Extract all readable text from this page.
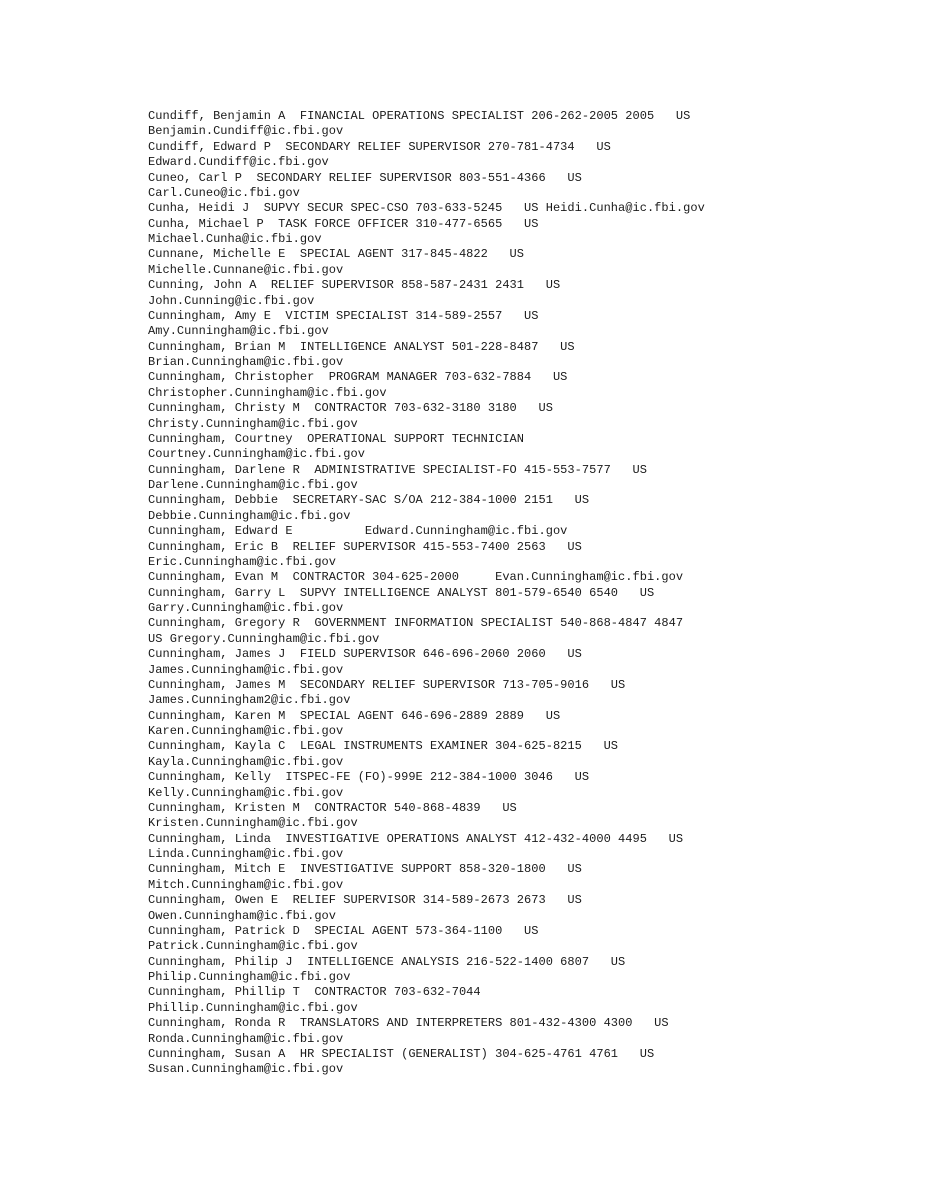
Cundiff, Benjamin A  FINANCIAL OPERATIONS SPECIALIST 206-262-2005 2005   US
Benjamin.Cundiff@ic.fbi.gov
Cundiff, Edward P  SECONDARY RELIEF SUPERVISOR 270-781-4734   US
Edward.Cundiff@ic.fbi.gov
Cuneo, Carl P  SECONDARY RELIEF SUPERVISOR 803-551-4366   US
Carl.Cuneo@ic.fbi.gov
Cunha, Heidi J  SUPVY SECUR SPEC-CSO 703-633-5245   US Heidi.Cunha@ic.fbi.gov
Cunha, Michael P  TASK FORCE OFFICER 310-477-6565   US
Michael.Cunha@ic.fbi.gov
Cunnane, Michelle E  SPECIAL AGENT 317-845-4822   US
Michelle.Cunnane@ic.fbi.gov
Cunning, John A  RELIEF SUPERVISOR 858-587-2431 2431   US
John.Cunning@ic.fbi.gov
Cunningham, Amy E  VICTIM SPECIALIST 314-589-2557   US
Amy.Cunningham@ic.fbi.gov
Cunningham, Brian M  INTELLIGENCE ANALYST 501-228-8487   US
Brian.Cunningham@ic.fbi.gov
Cunningham, Christopher  PROGRAM MANAGER 703-632-7884   US
Christopher.Cunningham@ic.fbi.gov
Cunningham, Christy M  CONTRACTOR 703-632-3180 3180   US
Christy.Cunningham@ic.fbi.gov
Cunningham, Courtney  OPERATIONAL SUPPORT TECHNICIAN
Courtney.Cunningham@ic.fbi.gov
Cunningham, Darlene R  ADMINISTRATIVE SPECIALIST-FO 415-553-7577   US
Darlene.Cunningham@ic.fbi.gov
Cunningham, Debbie  SECRETARY-SAC S/OA 212-384-1000 2151   US
Debbie.Cunningham@ic.fbi.gov
Cunningham, Edward E          Edward.Cunningham@ic.fbi.gov
Cunningham, Eric B  RELIEF SUPERVISOR 415-553-7400 2563   US
Eric.Cunningham@ic.fbi.gov
Cunningham, Evan M  CONTRACTOR 304-625-2000     Evan.Cunningham@ic.fbi.gov
Cunningham, Garry L  SUPVY INTELLIGENCE ANALYST 801-579-6540 6540   US
Garry.Cunningham@ic.fbi.gov
Cunningham, Gregory R  GOVERNMENT INFORMATION SPECIALIST 540-868-4847 4847
US Gregory.Cunningham@ic.fbi.gov
Cunningham, James J  FIELD SUPERVISOR 646-696-2060 2060   US
James.Cunningham@ic.fbi.gov
Cunningham, James M  SECONDARY RELIEF SUPERVISOR 713-705-9016   US
James.Cunningham2@ic.fbi.gov
Cunningham, Karen M  SPECIAL AGENT 646-696-2889 2889   US
Karen.Cunningham@ic.fbi.gov
Cunningham, Kayla C  LEGAL INSTRUMENTS EXAMINER 304-625-8215   US
Kayla.Cunningham@ic.fbi.gov
Cunningham, Kelly  ITSPEC-FE (FO)-999E 212-384-1000 3046   US
Kelly.Cunningham@ic.fbi.gov
Cunningham, Kristen M  CONTRACTOR 540-868-4839   US
Kristen.Cunningham@ic.fbi.gov
Cunningham, Linda  INVESTIGATIVE OPERATIONS ANALYST 412-432-4000 4495   US
Linda.Cunningham@ic.fbi.gov
Cunningham, Mitch E  INVESTIGATIVE SUPPORT 858-320-1800   US
Mitch.Cunningham@ic.fbi.gov
Cunningham, Owen E  RELIEF SUPERVISOR 314-589-2673 2673   US
Owen.Cunningham@ic.fbi.gov
Cunningham, Patrick D  SPECIAL AGENT 573-364-1100   US
Patrick.Cunningham@ic.fbi.gov
Cunningham, Philip J  INTELLIGENCE ANALYSIS 216-522-1400 6807   US
Philip.Cunningham@ic.fbi.gov
Cunningham, Phillip T  CONTRACTOR 703-632-7044
Phillip.Cunningham@ic.fbi.gov
Cunningham, Ronda R  TRANSLATORS AND INTERPRETERS 801-432-4300 4300   US
Ronda.Cunningham@ic.fbi.gov
Cunningham, Susan A  HR SPECIALIST (GENERALIST) 304-625-4761 4761   US
Susan.Cunningham@ic.fbi.gov
